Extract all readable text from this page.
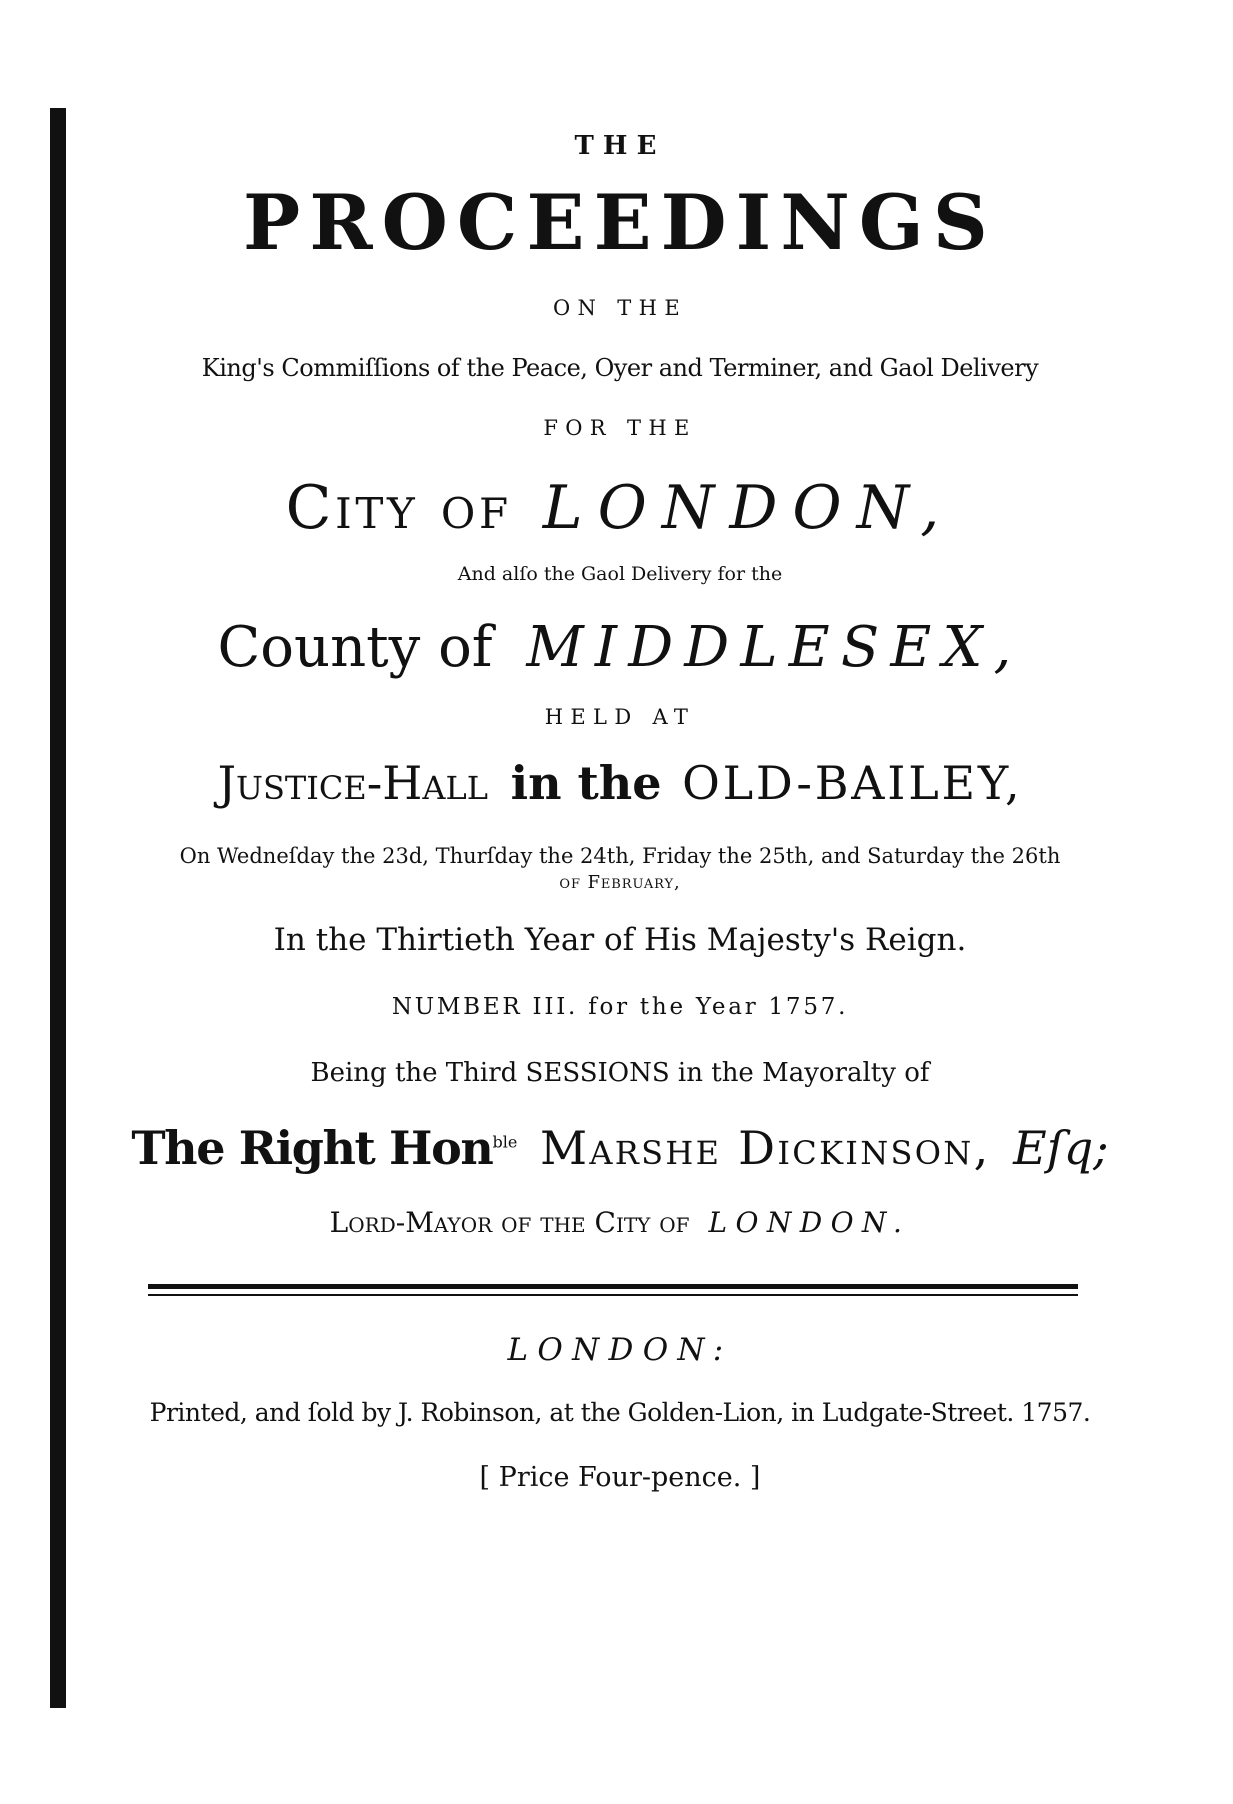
THE
PROCEEDINGS
ON THE
King's Commiſſions of the Peace, Oyer and Terminer, and Gaol Delivery
FOR THE
City of LONDON,
And alſo the Gaol Delivery for the
County of MIDDLESEX,
HELD AT
Justice-Hall in the OLD-BAILEY,
On Wedneſday the 23d, Thurſday the 24th, Friday the 25th, and Saturday the 26th
of February,
In the Thirtieth Year of His Majesty's Reign.
NUMBER III. for the Year 1757.
Being the Third SESSIONS in the Mayoralty of
The Right Hon$^{ble}$ Marshe Dickinson, Eſq;
Lord-Mayor of the City of LONDON.
LONDON:
Printed, and ſold by J. Robinson, at the Golden-Lion, in Ludgate-Street. 1757.
[ Price Four-pence. ]
